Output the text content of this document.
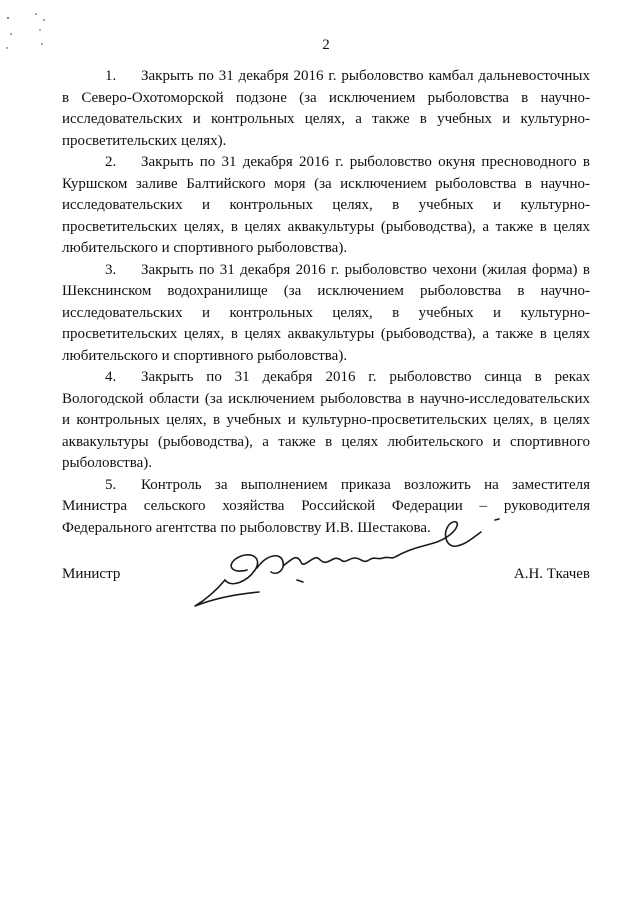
2

1. Закрыть по 31 декабря 2016 г. рыболовство камбал дальневосточных в Северо-Охотоморской подзоне (за исключением рыболовства в научно-исследовательских и контрольных целях, а также в учебных и культурно-просветительских целях).

2. Закрыть по 31 декабря 2016 г. рыболовство окуня пресноводного в Куршском заливе Балтийского моря (за исключением рыболовства в научно-исследовательских и контрольных целях, в учебных и культурно-просветительских целях, в целях аквакультуры (рыбоводства), а также в целях любительского и спортивного рыболовства).

3. Закрыть по 31 декабря 2016 г. рыболовство чехони (жилая форма) в Шекснинском водохранилище (за исключением рыболовства в научно-исследовательских и контрольных целях, в учебных и культурно-просветительских целях, в целях аквакультуры (рыбоводства), а также в целях любительского и спортивного рыболовства).

4. Закрыть по 31 декабря 2016 г. рыболовство синца в реках Вологодской области (за исключением рыболовства в научно-исследовательских и контрольных целях, в учебных и культурно-просветительских целях, в целях аквакультуры (рыбоводства), а также в целях любительского и спортивного рыболовства).

5. Контроль за выполнением приказа возложить на заместителя Министра сельского хозяйства Российской Федерации – руководителя Федерального агентства по рыболовству И.В. Шестакова.

Министр	А.Н. Ткачев
